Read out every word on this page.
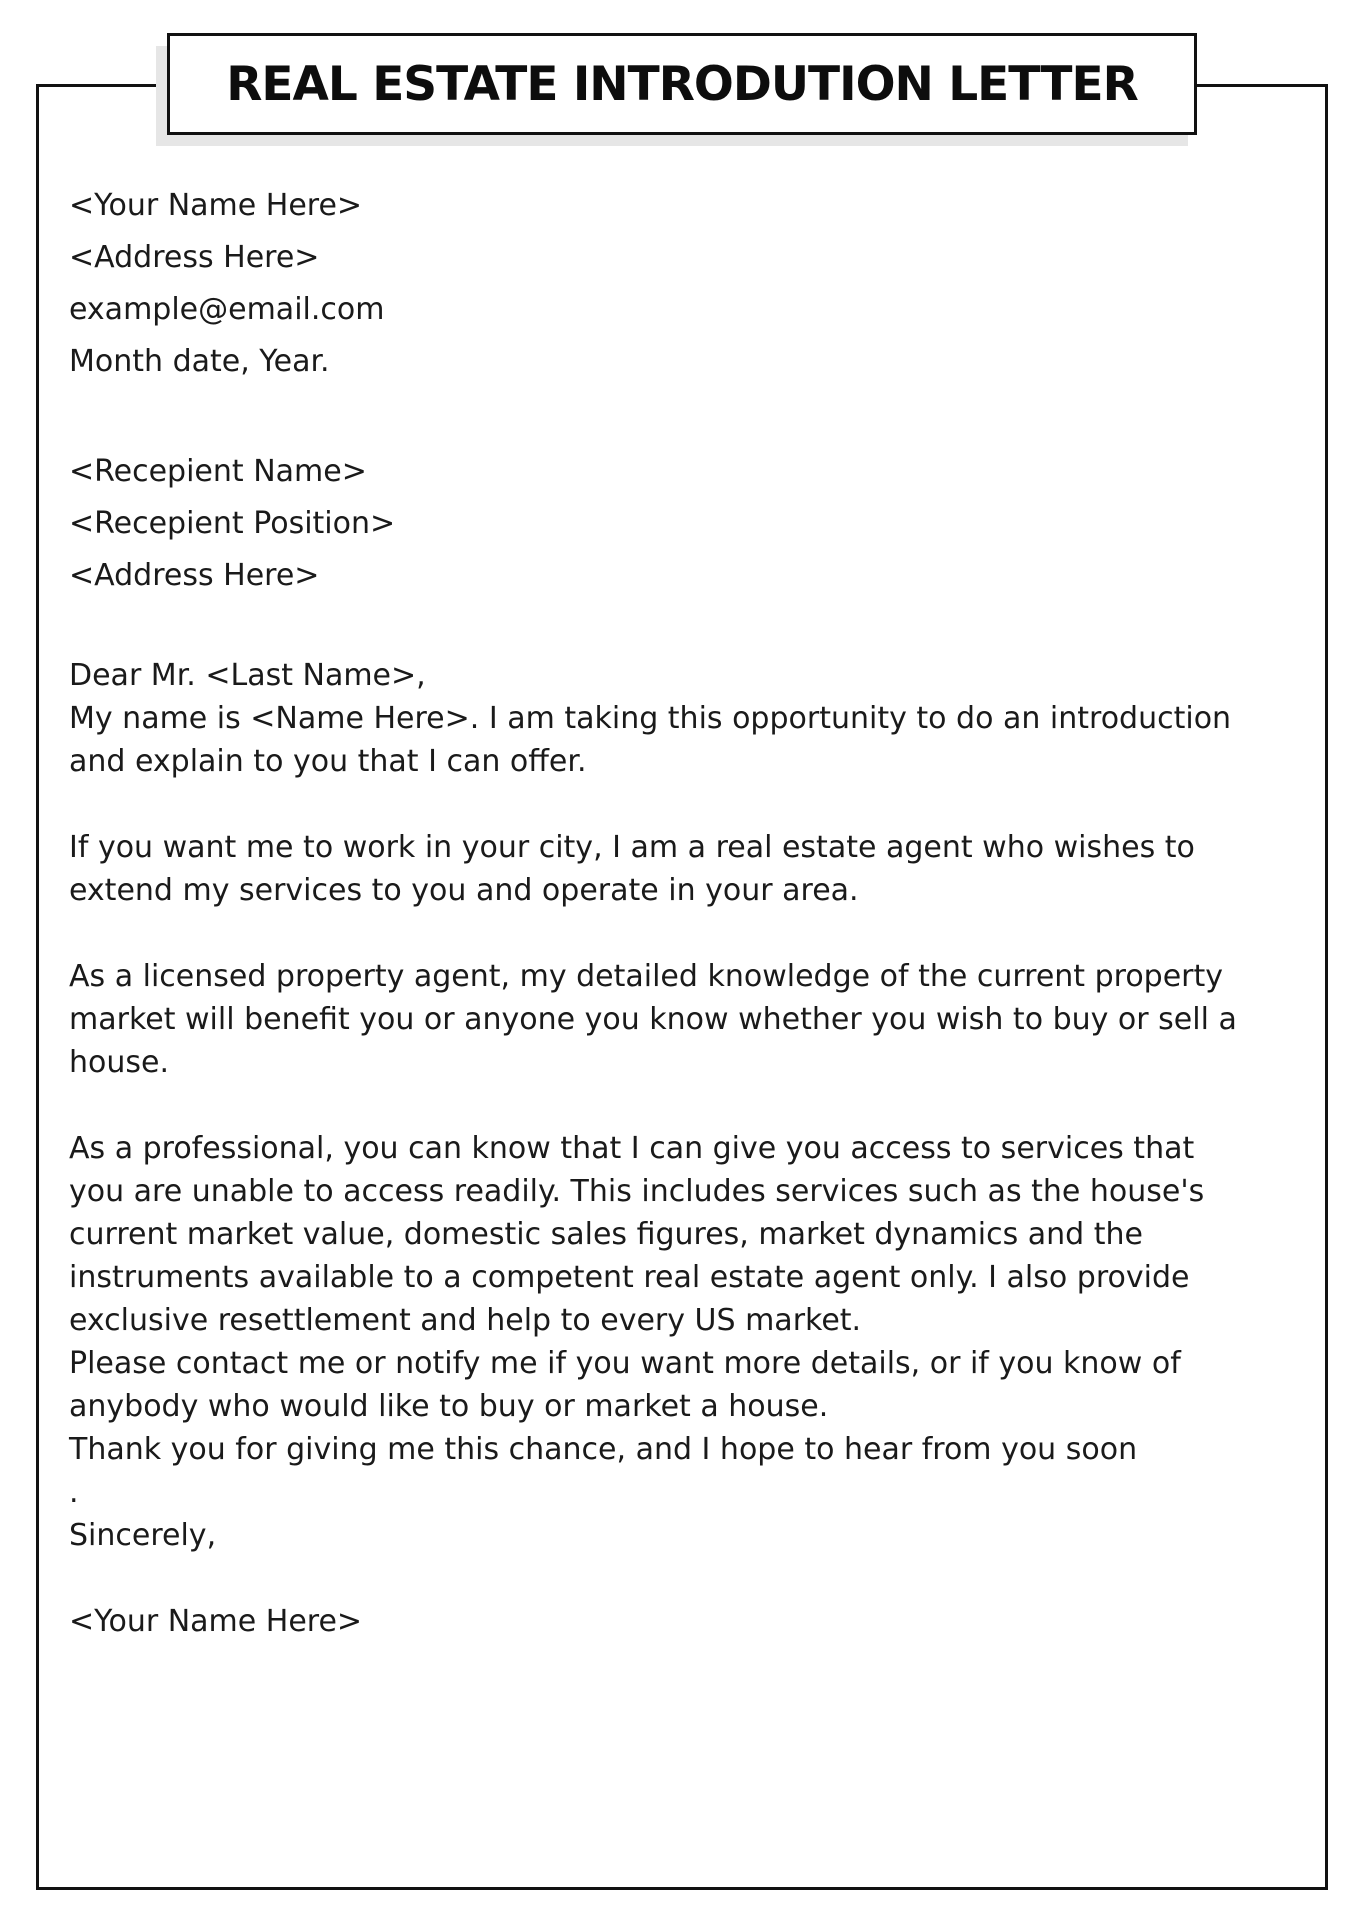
REAL ESTATE INTRODUTION LETTER
<Your Name Here>
<Address Here>
example@email.com
Month date, Year.
<Recepient Name>
<Recepient Position>
<Address Here>

Dear Mr. <Last Name>,

My name is <Name Here>. I am taking this opportunity to do an introduction and explain to you that I can offer.

If you want me to work in your city, I am a real estate agent who wishes to extend my services to you and operate in your area.

As a licensed property agent, my detailed knowledge of the current property market will benefit you or anyone you know whether you wish to buy or sell a house.

As a professional, you can know that I can give you access to services that you are unable to access readily. This includes services such as the house's current market value, domestic sales figures, market dynamics and the instruments available to a competent real estate agent only. I also provide exclusive resettlement and help to every US market.

Please contact me or notify me if you want more details, or if you know of anybody who would like to buy or market a house.

Thank you for giving me this chance, and I hope to hear from you soon

.

Sincerely,

<Your Name Here>
